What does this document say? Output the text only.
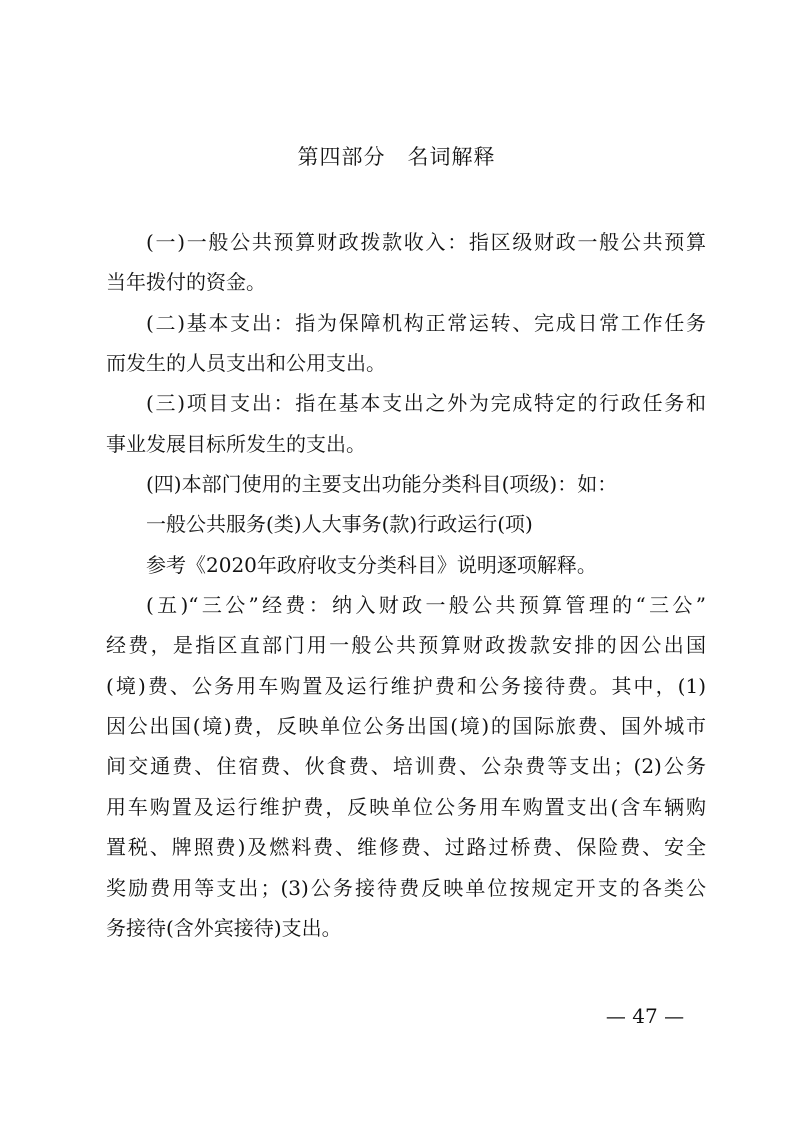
第四部分　名词解释
(一)一般公共预算财政拨款收入：指区级财政一般公共预算
当年拨付的资金。
(二)基本支出：指为保障机构正常运转、完成日常工作任务
而发生的人员支出和公用支出。
(三)项目支出：指在基本支出之外为完成特定的行政任务和
事业发展目标所发生的支出。
(四)本部门使用的主要支出功能分类科目(项级)：如：
一般公共服务(类)人大事务(款)行政运行(项)
参考《2020年政府收支分类科目》说明逐项解释。
(五)“三公”经费：纳入财政一般公共预算管理的“三公”
经费，是指区直部门用一般公共预算财政拨款安排的因公出国
(境)费、公务用车购置及运行维护费和公务接待费。其中，(1)
因公出国(境)费，反映单位公务出国(境)的国际旅费、国外城市
间交通费、住宿费、伙食费、培训费、公杂费等支出；(2)公务
用车购置及运行维护费，反映单位公务用车购置支出(含车辆购
置税、牌照费)及燃料费、维修费、过路过桥费、保险费、安全
奖励费用等支出；(3)公务接待费反映单位按规定开支的各类公
务接待(含外宾接待)支出。
— 47 —
